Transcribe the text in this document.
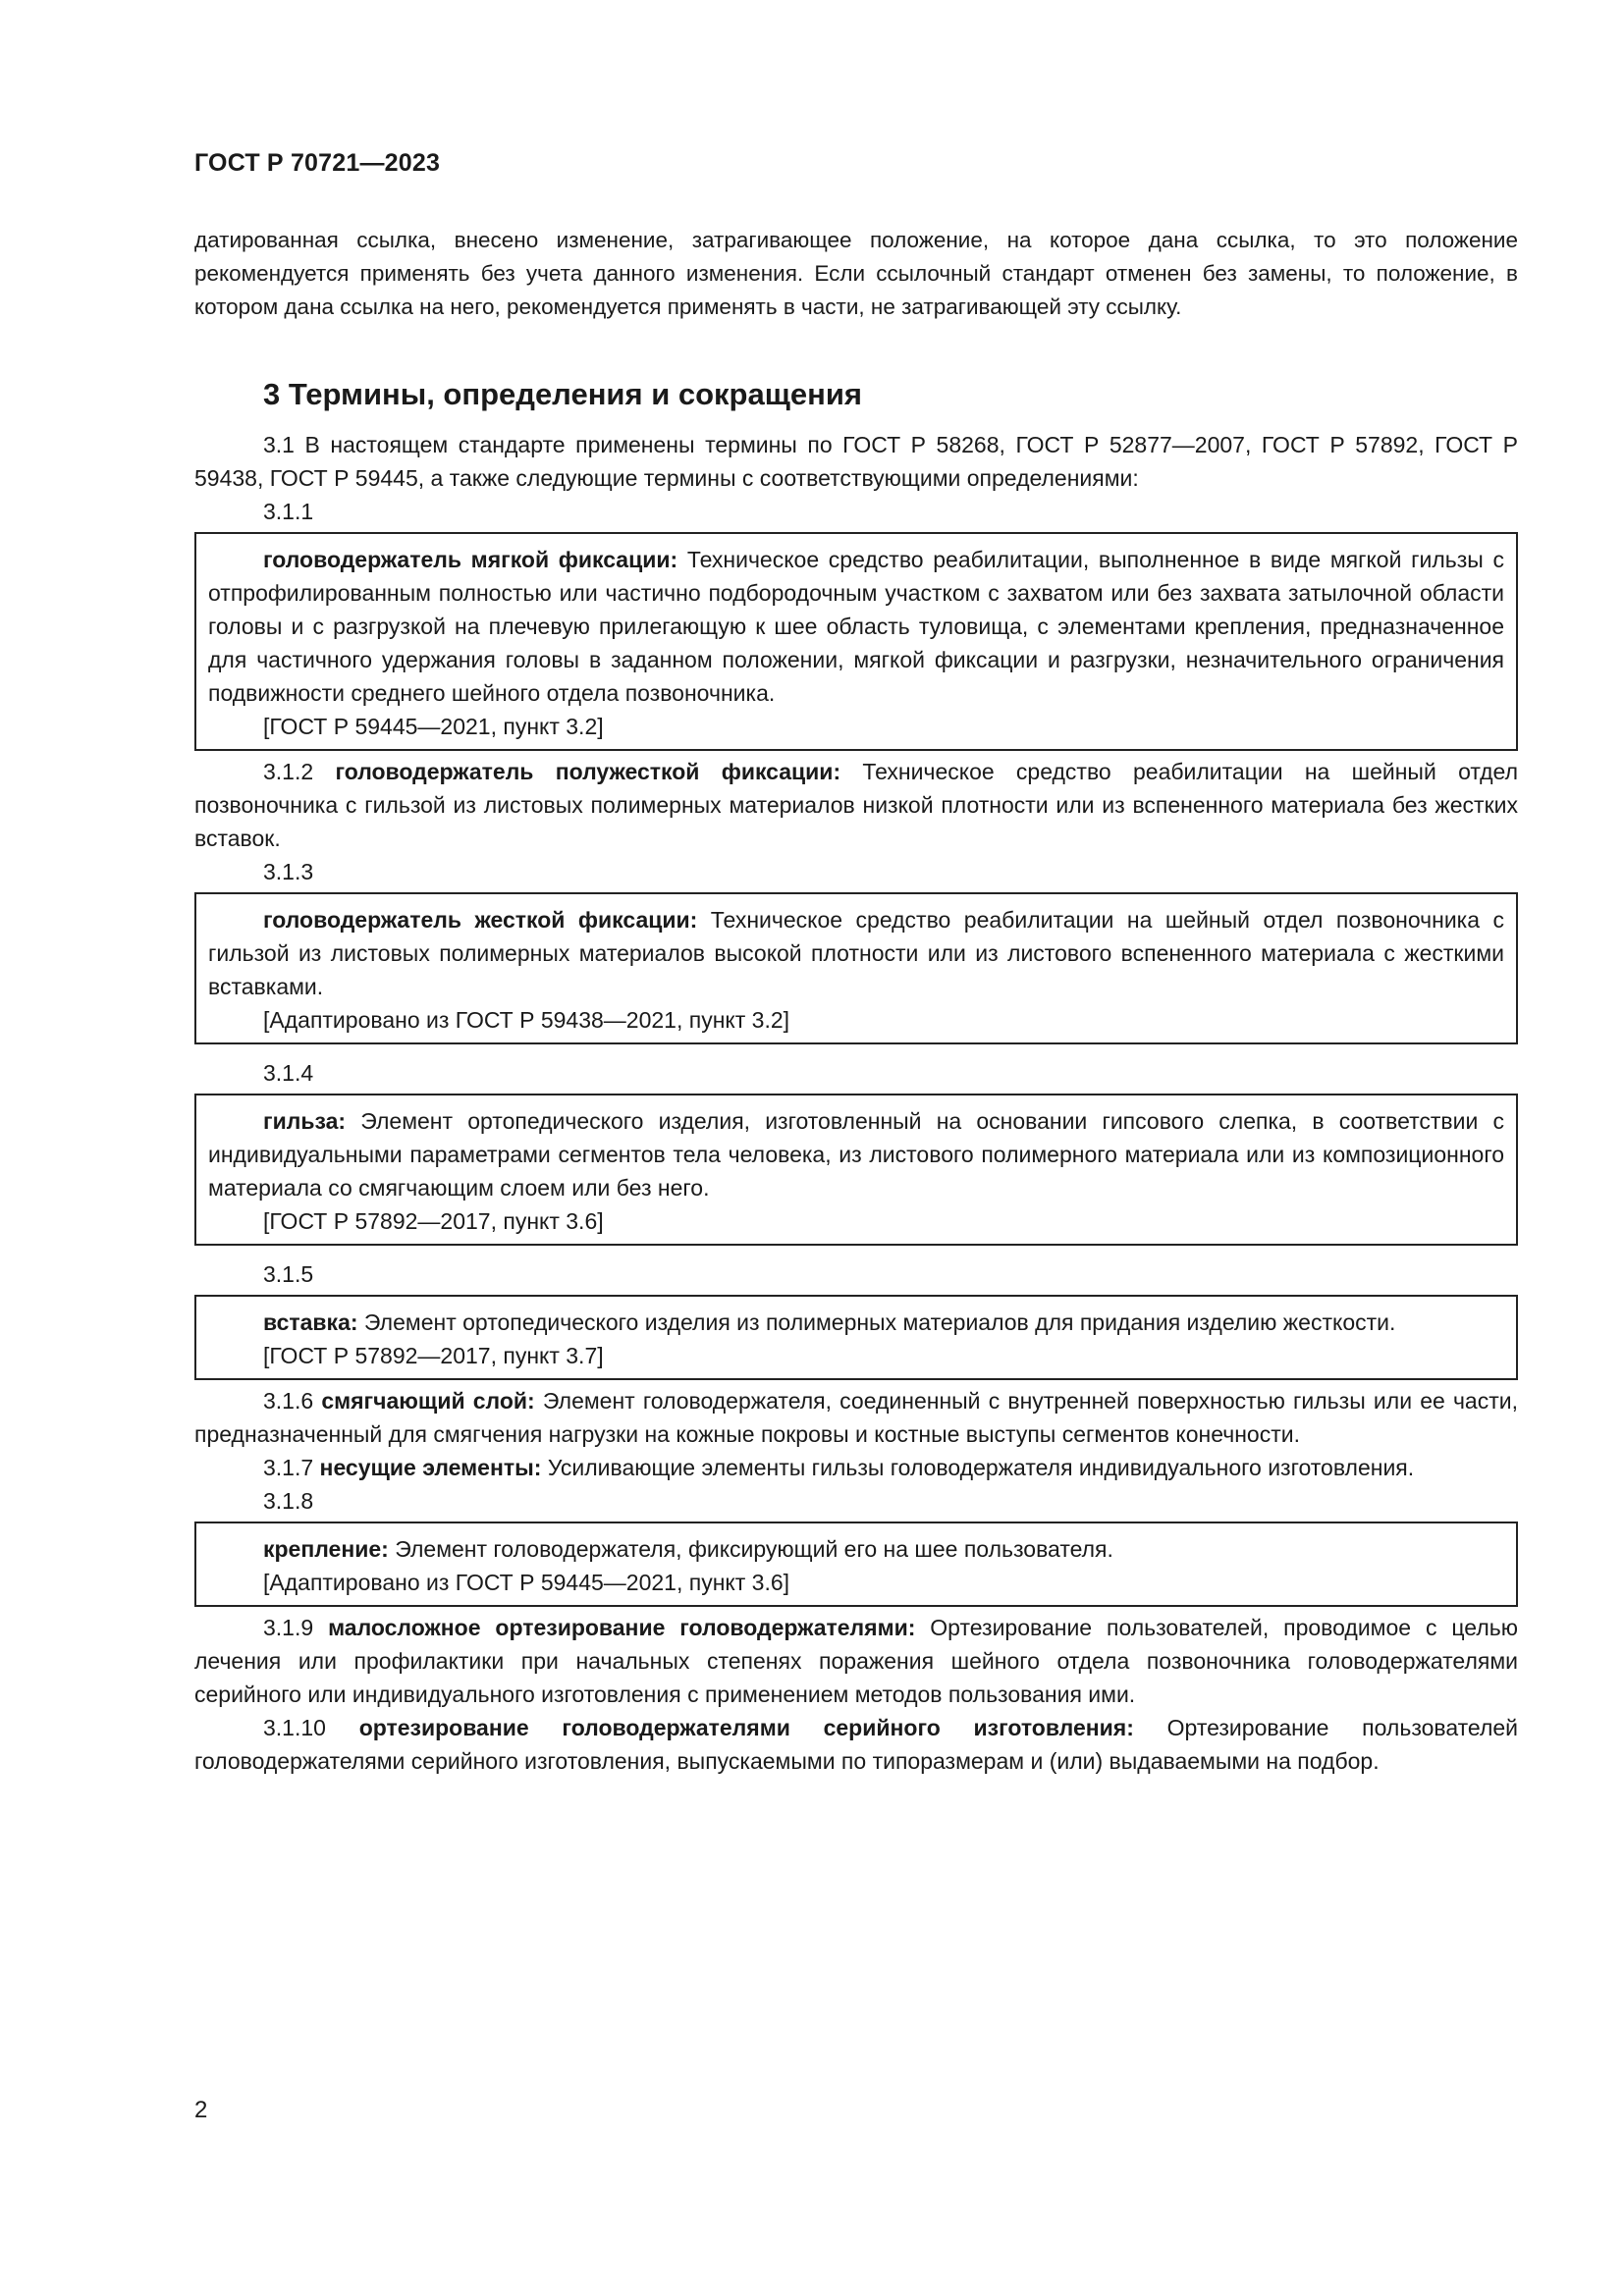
ГОСТ Р 70721—2023

датированная ссылка, внесено изменение, затрагивающее положение, на которое дана ссылка, то это положение рекомендуется применять без учета данного изменения. Если ссылочный стандарт отменен без замены, то положение, в котором дана ссылка на него, рекомендуется применять в части, не затрагивающей эту ссылку.

3 Термины, определения и сокращения

3.1 В настоящем стандарте применены термины по ГОСТ Р 58268, ГОСТ Р 52877—2007, ГОСТ Р 57892, ГОСТ Р 59438, ГОСТ Р 59445, а также следующие термины с соответствующими определениями:

3.1.1

головодержатель мягкой фиксации: Техническое средство реабилитации, выполненное в виде мягкой гильзы с отпрофилированным полностью или частично подбородочным участком с захватом или без захвата затылочной области головы и с разгрузкой на плечевую прилегающую к шее область туловища, с элементами крепления, предназначенное для частичного удержания головы в заданном положении, мягкой фиксации и разгрузки, незначительного ограничения подвижности среднего шейного отдела позвоночника.

[ГОСТ Р 59445—2021, пункт 3.2]

3.1.2 головодержатель полужесткой фиксации: Техническое средство реабилитации на шейный отдел позвоночника с гильзой из листовых полимерных материалов низкой плотности или из вспененного материала без жестких вставок.

3.1.3

головодержатель жесткой фиксации: Техническое средство реабилитации на шейный отдел позвоночника с гильзой из листовых полимерных материалов высокой плотности или из листового вспененного материала с жесткими вставками.

[Адаптировано из ГОСТ Р 59438—2021, пункт 3.2]

3.1.4

гильза: Элемент ортопедического изделия, изготовленный на основании гипсового слепка, в соответствии с индивидуальными параметрами сегментов тела человека, из листового полимерного материала или из композиционного материала со смягчающим слоем или без него.

[ГОСТ Р 57892—2017, пункт 3.6]

3.1.5

вставка: Элемент ортопедического изделия из полимерных материалов для придания изделию жесткости.

[ГОСТ Р 57892—2017, пункт 3.7]

3.1.6 смягчающий слой: Элемент головодержателя, соединенный с внутренней поверхностью гильзы или ее части, предназначенный для смягчения нагрузки на кожные покровы и костные выступы сегментов конечности.

3.1.7 несущие элементы: Усиливающие элементы гильзы головодержателя индивидуального изготовления.

3.1.8

крепление: Элемент головодержателя, фиксирующий его на шее пользователя.

[Адаптировано из ГОСТ Р 59445—2021, пункт 3.6]

3.1.9 малосложное ортезирование головодержателями: Ортезирование пользователей, проводимое с целью лечения или профилактики при начальных степенях поражения шейного отдела позвоночника головодержателями серийного или индивидуального изготовления с применением методов пользования ими.

3.1.10 ортезирование головодержателями серийного изготовления: Ортезирование пользователей головодержателями серийного изготовления, выпускаемыми по типоразмерам и (или) выдаваемыми на подбор.

2
